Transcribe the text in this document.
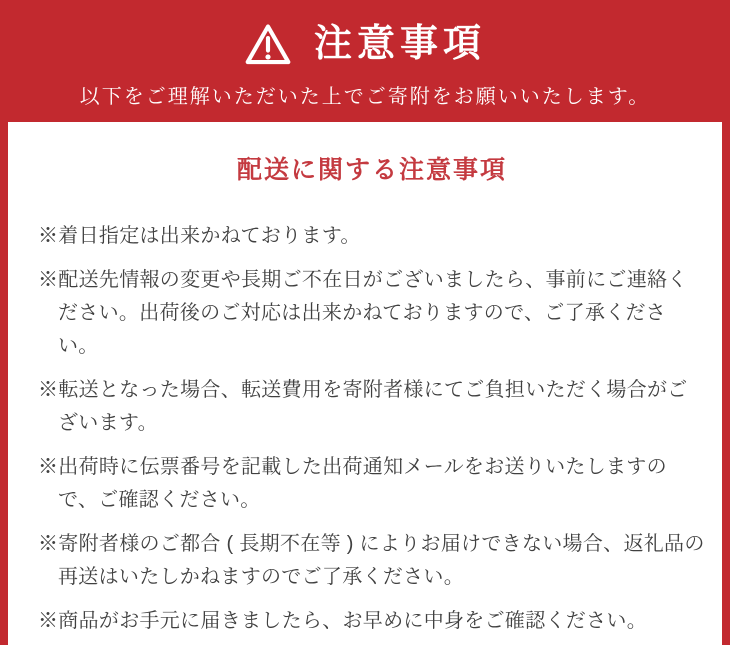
注意事項

以下をご理解いただいた上でご寄附をお願いいたします。

配送に関する注意事項
※着日指定は出来かねております。
※配送先情報の変更や長期ご不在日がございましたら、事前にご連絡ください。出荷後のご対応は出来かねておりますので、ご了承ください。
※転送となった場合、転送費用を寄附者様にてご負担いただく場合がございます。
※出荷時に伝票番号を記載した出荷通知メールをお送りいたしますので、ご確認ください。
※寄附者様のご都合 ( 長期不在等 ) によりお届けできない場合、返礼品の再送はいたしかねますのでご了承ください。
※商品がお手元に届きましたら、お早めに中身をご確認ください。
